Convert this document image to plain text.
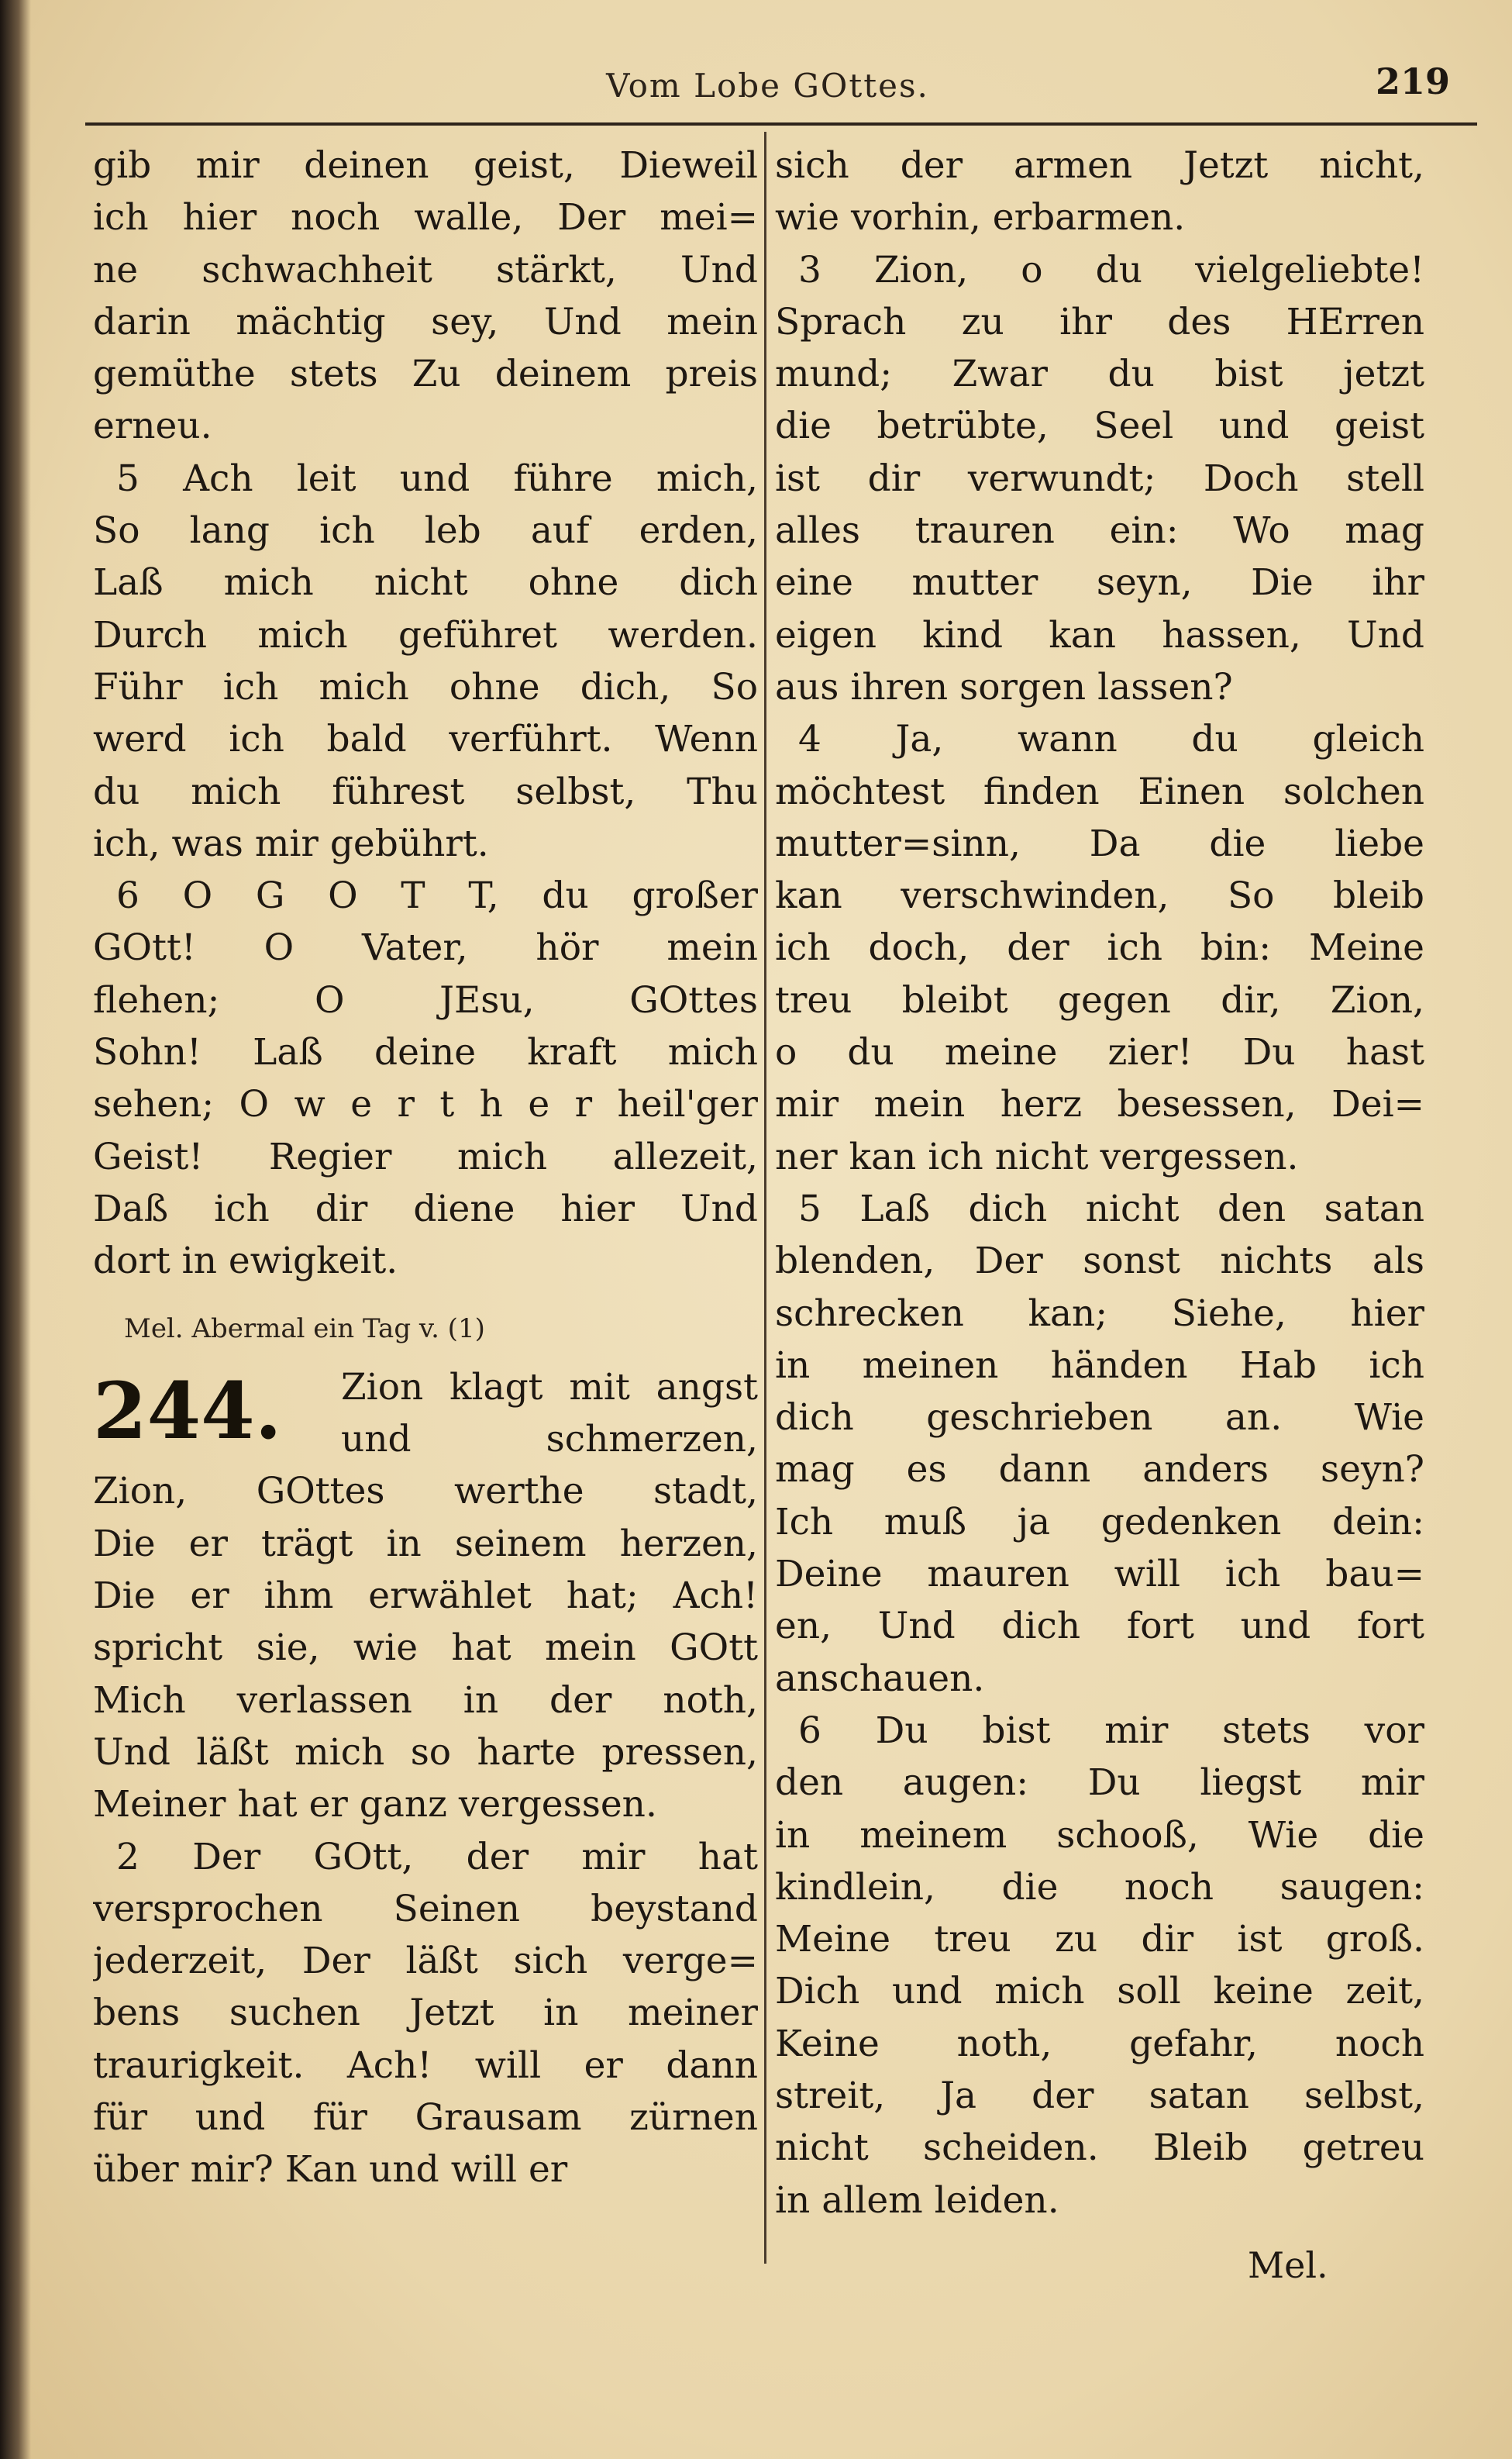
Vom Lobe GOttes.	219
gib mir deinen geist, Dieweil
ich hier noch walle, Der mei=
ne schwachheit stärkt, Und
darin mächtig sey, Und mein
gemüthe stets Zu deinem preis
erneu.
5 Ach leit und führe mich,
So lang ich leb auf erden,
Laß mich nicht ohne dich
Durch mich geführet werden.
Führ ich mich ohne dich, So
werd ich bald verführt. Wenn
du mich führest selbst, Thu
ich, was mir gebührt.
6 O G O T T, du großer
GOtt! O Vater, hör mein
flehen; O JEsu, GOttes
Sohn! Laß deine kraft mich
sehen; O w e r t h e r heil'ger
Geist! Regier mich allezeit,
Daß ich dir diene hier Und
dort in ewigkeit.
Mel. Abermal ein Tag v. (1)
244.	Zion klagt mit angst
und schmerzen,
Zion, GOttes werthe stadt,
Die er trägt in seinem herzen,
Die er ihm erwählet hat; Ach!
spricht sie, wie hat mein GOtt
Mich verlassen in der noth,
Und läßt mich so harte pressen,
Meiner hat er ganz vergessen.
2 Der GOtt, der mir hat
versprochen Seinen beystand
jederzeit, Der läßt sich verge=
bens suchen Jetzt in meiner
traurigkeit. Ach! will er dann
für und für Grausam zürnen
über mir? Kan und will er
sich der armen Jetzt nicht,
wie vorhin, erbarmen.
3 Zion, o du vielgeliebte!
Sprach zu ihr des HErren
mund; Zwar du bist jetzt
die betrübte, Seel und geist
ist dir verwundt; Doch stell
alles trauren ein: Wo mag
eine mutter seyn, Die ihr
eigen kind kan hassen, Und
aus ihren sorgen lassen?
4 Ja, wann du gleich
möchtest finden Einen solchen
mutter=sinn, Da die liebe
kan verschwinden, So bleib
ich doch, der ich bin: Meine
treu bleibt gegen dir, Zion,
o du meine zier! Du hast
mir mein herz besessen, Dei=
ner kan ich nicht vergessen.
5 Laß dich nicht den satan
blenden, Der sonst nichts als
schrecken kan; Siehe, hier
in meinen händen Hab ich
dich geschrieben an. Wie
mag es dann anders seyn?
Ich muß ja gedenken dein:
Deine mauren will ich bau=
en, Und dich fort und fort
anschauen.
6 Du bist mir stets vor
den augen: Du liegst mir
in meinem schooß, Wie die
kindlein, die noch saugen:
Meine treu zu dir ist groß.
Dich und mich soll keine zeit,
Keine noth, gefahr, noch
streit, Ja der satan selbst,
nicht scheiden. Bleib getreu
in allem leiden.
Mel.
